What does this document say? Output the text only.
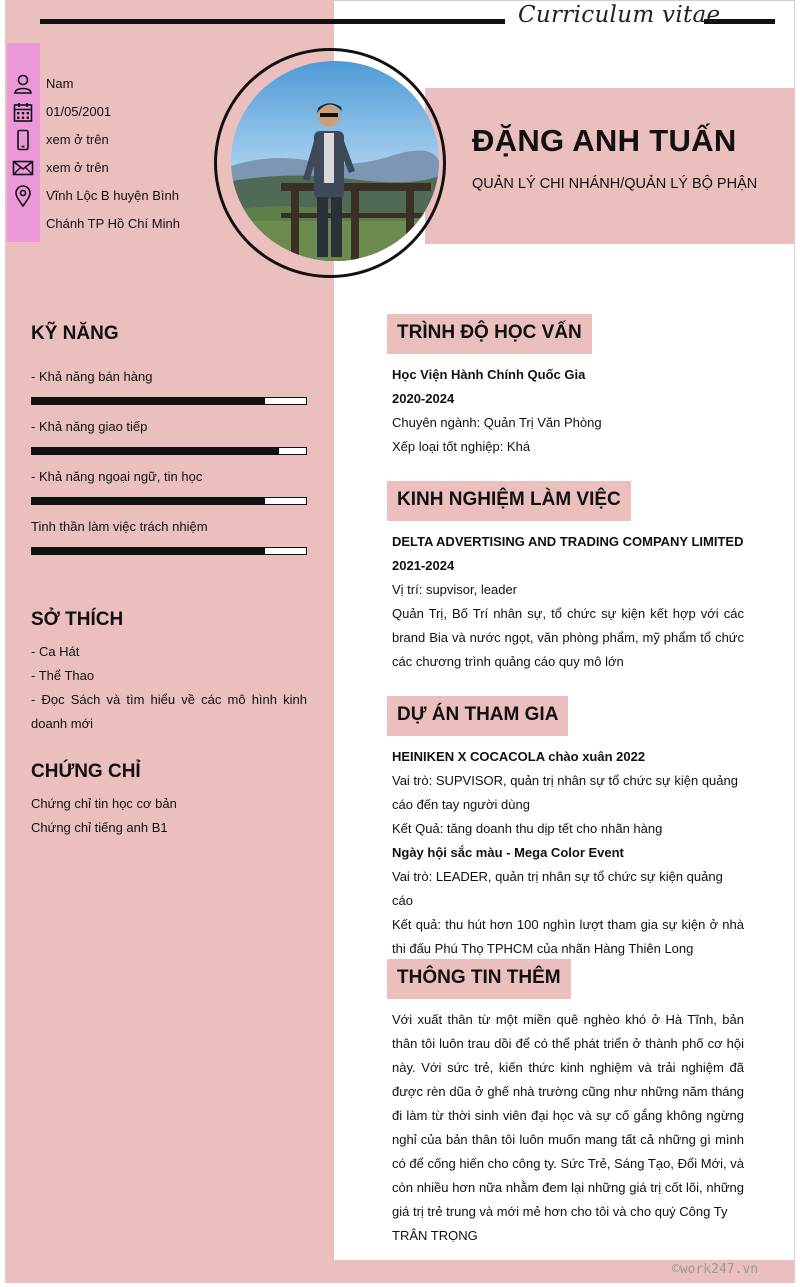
Curriculum vitae
Nam
01/05/2001
xem ở trên
xem ở trên
Vĩnh Lộc B huyện Bình
Chánh TP Hồ Chí Minh
ĐẶNG ANH TUẤN
QUẢN LÝ CHI NHÁNH/QUẢN LÝ BỘ PHẬN
KỸ NĂNG
- Khả năng bán hàng
- Khả năng giao tiếp
- Khả năng ngoại ngữ, tin học
Tinh thần làm việc trách nhiệm
SỞ THÍCH
- Ca Hát
- Thể Thao
- Đọc Sách và tìm hiểu về các mô hình kinh doanh mới
CHỨNG CHỈ
Chứng chỉ tin học cơ bản
Chứng chỉ tiếng anh B1
TRÌNH ĐỘ HỌC VẤN
Học Viện Hành Chính Quốc Gia
2020-2024
Chuyên ngành: Quản Trị Văn Phòng
Xếp loại tốt nghiệp: Khá
KINH NGHIỆM LÀM VIỆC
DELTA ADVERTISING AND TRADING COMPANY LIMITED
2021-2024
Vị trí: supvisor, leader
Quản Trị, Bố Trí nhân sự, tổ chức sự kiện kết hợp với các brand Bia và nước ngọt, văn phòng phẩm, mỹ phẩm tổ chức các chương trình quảng cáo quy mô lớn
DỰ ÁN THAM GIA
HEINIKEN X COCACOLA chào xuân 2022
Vai trò: SUPVISOR, quản trị nhân sự tổ chức sự kiện quảng cáo đến tay người dùng
Kết Quả: tăng doanh thu dịp tết cho nhãn hàng
Ngày hội sắc màu - Mega Color Event
Vai trò: LEADER, quản trị nhân sự tổ chức sự kiện quảng cáo
Kết quả: thu hút hơn 100 nghìn lượt tham gia sự kiện ở nhà thi đấu Phú Thọ TPHCM của nhãn Hàng Thiên Long
THÔNG TIN THÊM
Với xuất thân từ một miền quê nghèo khó ở Hà Tĩnh, bản thân tôi luôn trau dồi để có thể phát triển ở thành phố cơ hội này. Với sức trẻ, kiến thức kinh nghiệm và trải nghiệm đã được rèn dũa ở ghế nhà trường cũng như những năm tháng đi làm từ thời sinh viên đại học và sự cố gắng không ngừng nghỉ của bản thân tôi luôn muốn mang tất cả những gì mình có để cống hiến cho công ty. Sức Trẻ, Sáng Tạo, Đổi Mới, và còn nhiều hơn nữa nhằm đem lại những giá trị cốt lõi, những giá trị trẻ trung và mới mẻ hơn cho tôi và cho quý Công Ty
TRÂN TRỌNG
©work247.vn
